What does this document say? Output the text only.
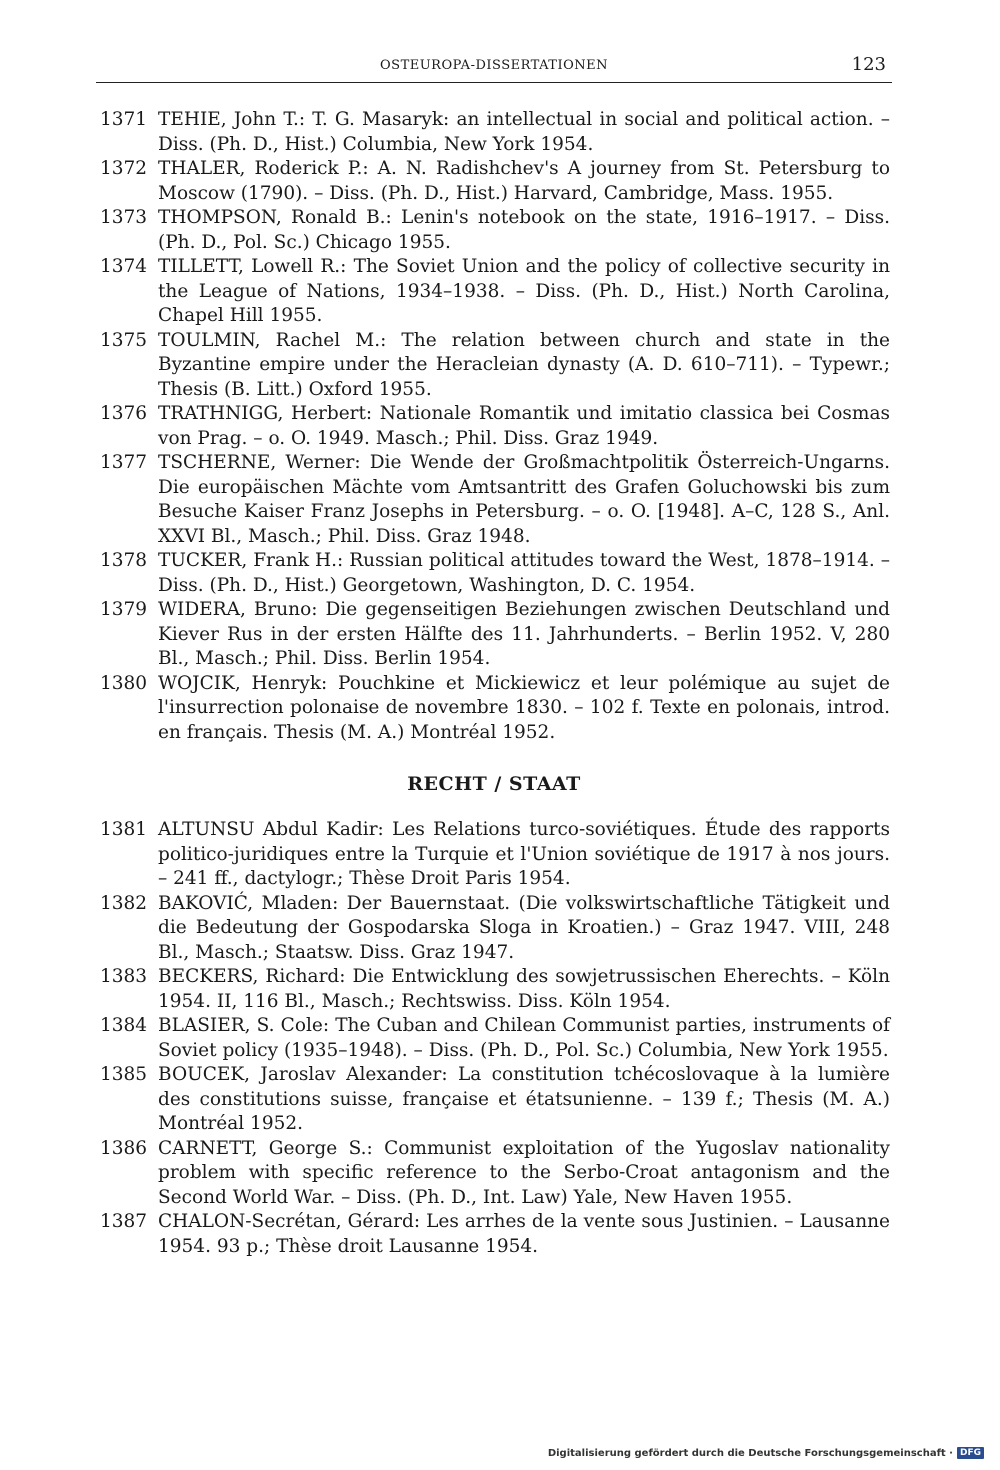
OSTEUROPA-DISSERTATIONEN	123
1371 TEHIE, John T.: T. G. Masaryk: an intellectual in social and political action. – Diss. (Ph. D., Hist.) Columbia, New York 1954.
1372 THALER, Roderick P.: A. N. Radishchev's A journey from St. Petersburg to Moscow (1790). – Diss. (Ph. D., Hist.) Harvard, Cambridge, Mass. 1955.
1373 THOMPSON, Ronald B.: Lenin's notebook on the state, 1916–1917. – Diss. (Ph. D., Pol. Sc.) Chicago 1955.
1374 TILLETT, Lowell R.: The Soviet Union and the policy of collective security in the League of Nations, 1934–1938. – Diss. (Ph. D., Hist.) North Carolina, Chapel Hill 1955.
1375 TOULMIN, Rachel M.: The relation between church and state in the Byzantine empire under the Heracleian dynasty (A. D. 610–711). – Typewr.; Thesis (B. Litt.) Oxford 1955.
1376 TRATHNIGG, Herbert: Nationale Romantik und imitatio classica bei Cosmas von Prag. – o. O. 1949. Masch.; Phil. Diss. Graz 1949.
1377 TSCHERNE, Werner: Die Wende der Großmachtpolitik Österreich-Ungarns. Die europäischen Mächte vom Amtsantritt des Grafen Goluchowski bis zum Besuche Kaiser Franz Josephs in Petersburg. – o. O. [1948]. A–C, 128 S., Anl. XXVI Bl., Masch.; Phil. Diss. Graz 1948.
1378 TUCKER, Frank H.: Russian political attitudes toward the West, 1878–1914. – Diss. (Ph. D., Hist.) Georgetown, Washington, D. C. 1954.
1379 WIDERA, Bruno: Die gegenseitigen Beziehungen zwischen Deutschland und Kiever Rus in der ersten Hälfte des 11. Jahrhunderts. – Berlin 1952. V, 280 Bl., Masch.; Phil. Diss. Berlin 1954.
1380 WOJCIK, Henryk: Pouchkine et Mickiewicz et leur polémique au sujet de l'insurrection polonaise de novembre 1830. – 102 f. Texte en polonais, introd. en français. Thesis (M. A.) Montréal 1952.
RECHT / STAAT
1381 ALTUNSU Abdul Kadir: Les Relations turco-soviétiques. Étude des rapports politico-juridiques entre la Turquie et l'Union soviétique de 1917 à nos jours. – 241 ff., dactylogr.; Thèse Droit Paris 1954.
1382 BAKOVIĆ, Mladen: Der Bauernstaat. (Die volkswirtschaftliche Tätigkeit und die Bedeutung der Gospodarska Sloga in Kroatien.) – Graz 1947. VIII, 248 Bl., Masch.; Staatsw. Diss. Graz 1947.
1383 BECKERS, Richard: Die Entwicklung des sowjetrussischen Eherechts. – Köln 1954. II, 116 Bl., Masch.; Rechtswiss. Diss. Köln 1954.
1384 BLASIER, S. Cole: The Cuban and Chilean Communist parties, instruments of Soviet policy (1935–1948). – Diss. (Ph. D., Pol. Sc.) Columbia, New York 1955.
1385 BOUCEK, Jaroslav Alexander: La constitution tchécoslovaque à la lumière des constitutions suisse, française et étatsunienne. – 139 f.; Thesis (M. A.) Montréal 1952.
1386 CARNETT, George S.: Communist exploitation of the Yugoslav nationality problem with specific reference to the Serbo-Croat antagonism and the Second World War. – Diss. (Ph. D., Int. Law) Yale, New Haven 1955.
1387 CHALON-Secrétan, Gérard: Les arrhes de la vente sous Justinien. – Lausanne 1954. 93 p.; Thèse droit Lausanne 1954.
Digitalisierung gefördert durch die Deutsche Forschungsgemeinschaft · DFG
